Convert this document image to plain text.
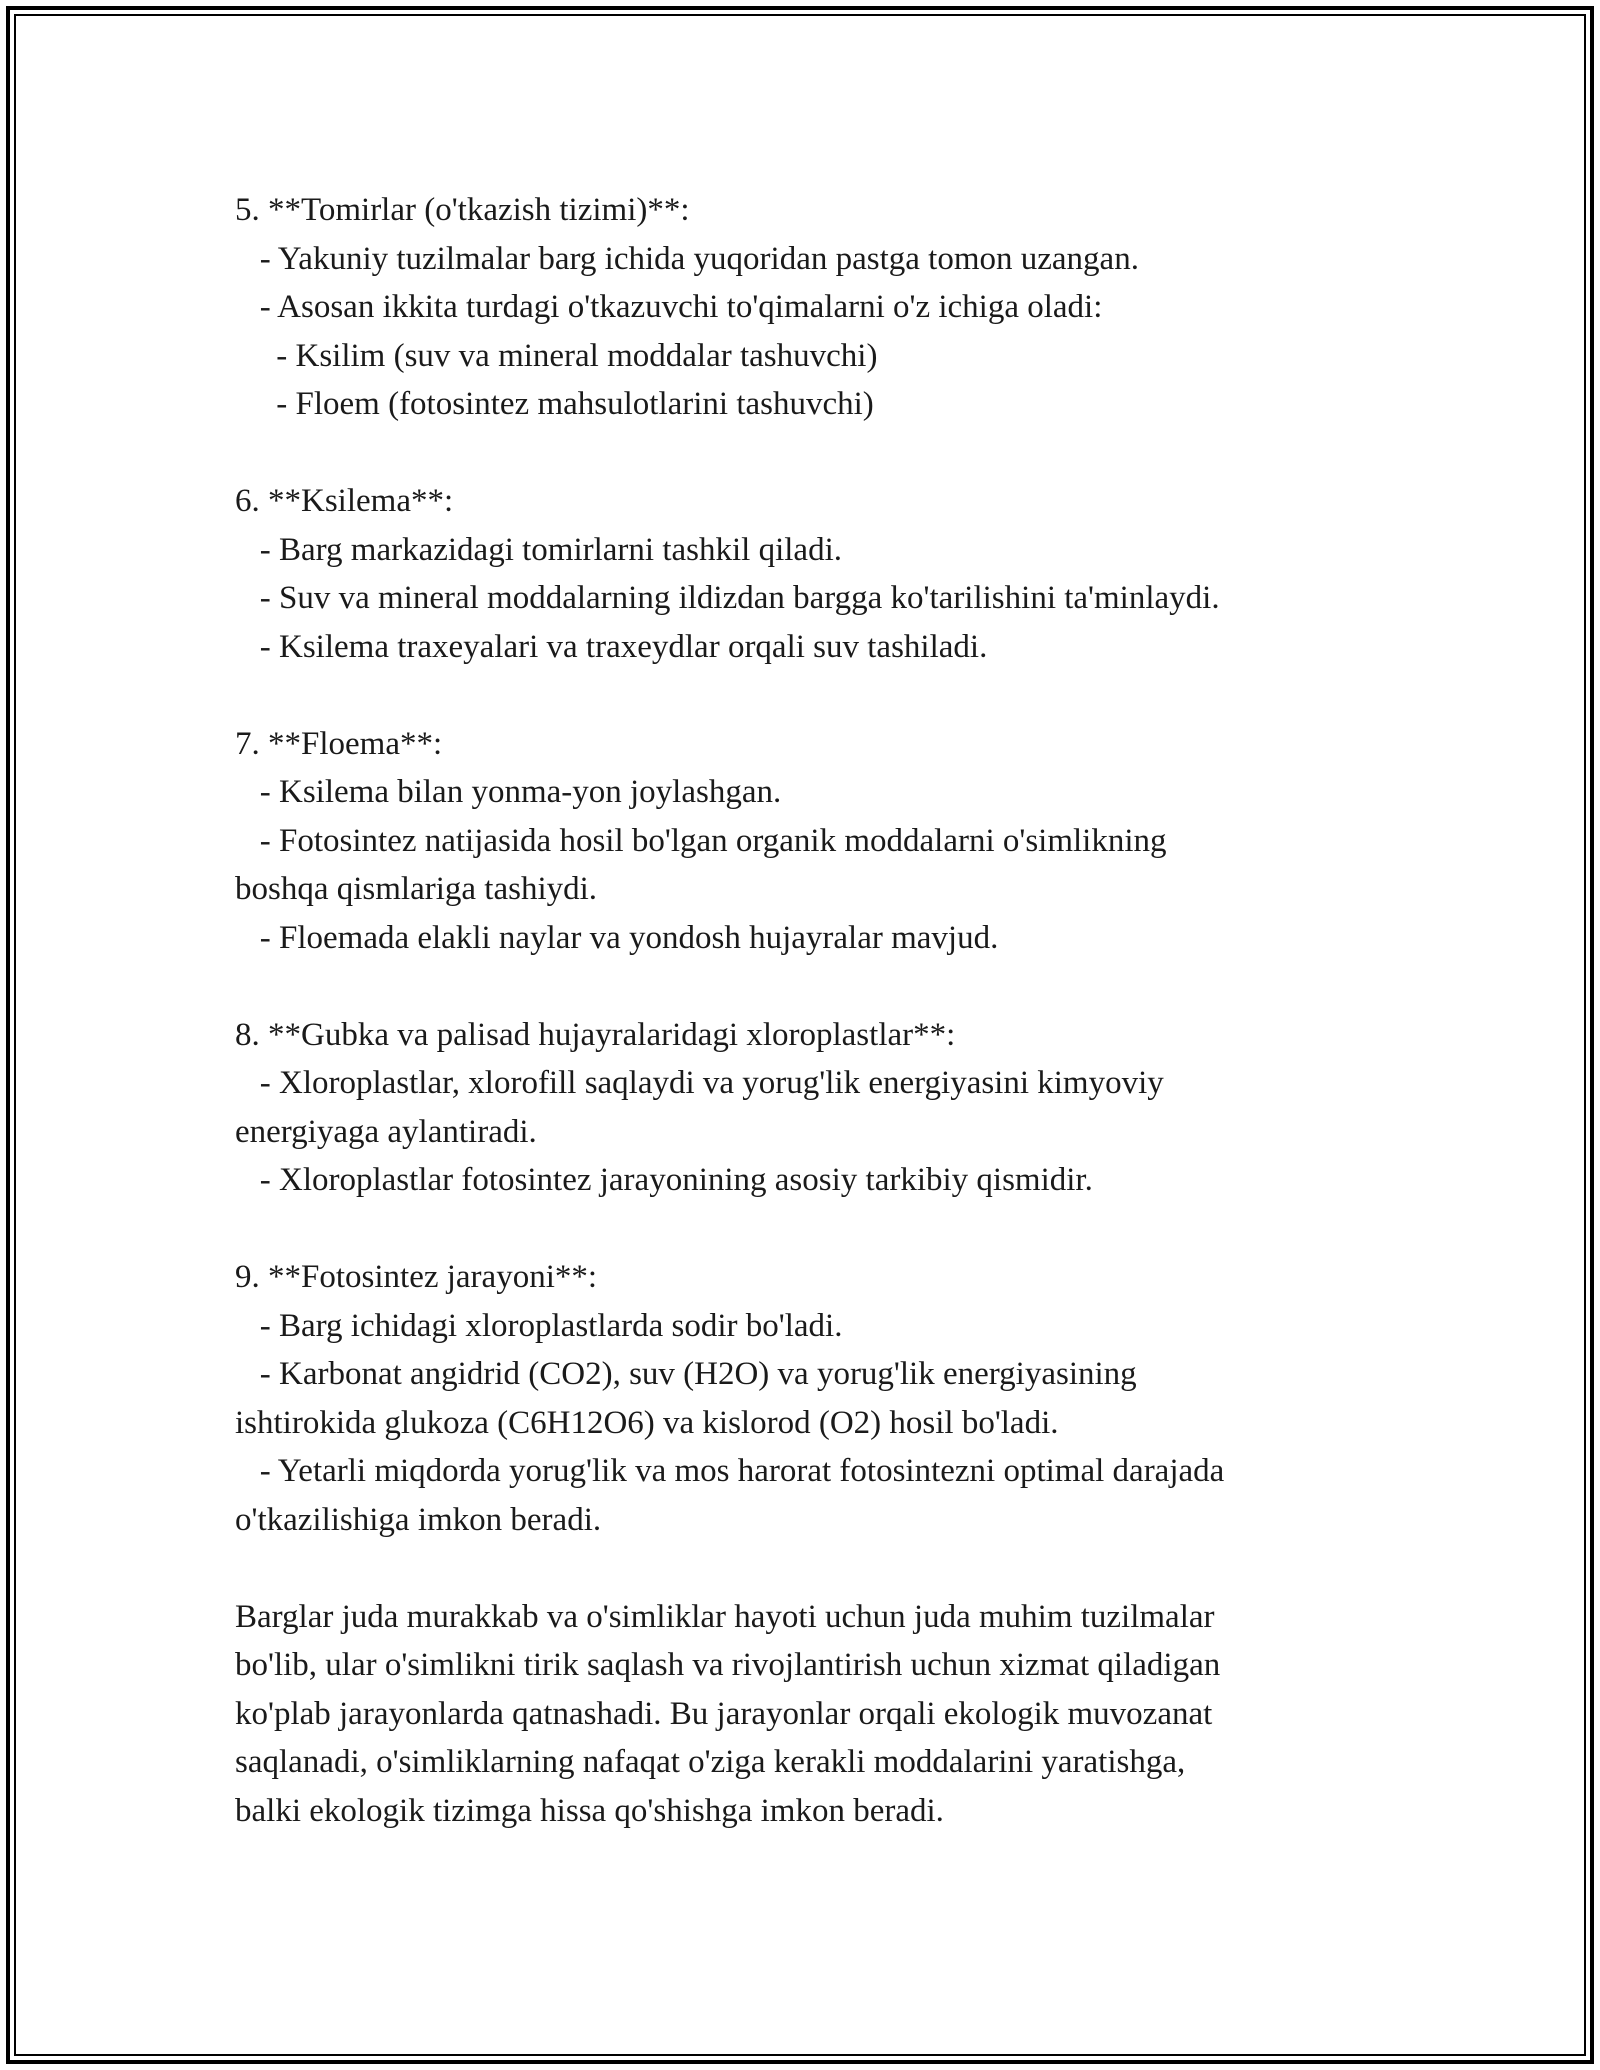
5. **Tomirlar (o'tkazish tizimi)**:
- Yakuniy tuzilmalar barg ichida yuqoridan pastga tomon uzangan.
- Asosan ikkita turdagi o'tkazuvchi to'qimalarni o'z ichiga oladi:
- Ksilim (suv va mineral moddalar tashuvchi)
- Floem (fotosintez mahsulotlarini tashuvchi)
6. **Ksilema**:
- Barg markazidagi tomirlarni tashkil qiladi.
- Suv va mineral moddalarning ildizdan bargga ko'tarilishini ta'minlaydi.
- Ksilema traxeyalari va traxeydlar orqali suv tashiladi.
7. **Floema**:
- Ksilema bilan yonma-yon joylashgan.
- Fotosintez natijasida hosil bo'lgan organik moddalarni o'simlikning
boshqa qismlariga tashiydi.
- Floemada elakli naylar va yondosh hujayralar mavjud.
8. **Gubka va palisad hujayralaridagi xloroplastlar**:
- Xloroplastlar, xlorofill saqlaydi va yorug'lik energiyasini kimyoviy
energiyaga aylantiradi.
- Xloroplastlar fotosintez jarayonining asosiy tarkibiy qismidir.
9. **Fotosintez jarayoni**:
- Barg ichidagi xloroplastlarda sodir bo'ladi.
- Karbonat angidrid (CO2), suv (H2O) va yorug'lik energiyasining
ishtirokida glukoza (C6H12O6) va kislorod (O2) hosil bo'ladi.
- Yetarli miqdorda yorug'lik va mos harorat fotosintezni optimal darajada
o'tkazilishiga imkon beradi.
Barglar juda murakkab va o'simliklar hayoti uchun juda muhim tuzilmalar
bo'lib, ular o'simlikni tirik saqlash va rivojlantirish uchun xizmat qiladigan
ko'plab jarayonlarda qatnashadi. Bu jarayonlar orqali ekologik muvozanat
saqlanadi, o'simliklarning nafaqat o'ziga kerakli moddalarini yaratishga,
balki ekologik tizimga hissa qo'shishga imkon beradi.
